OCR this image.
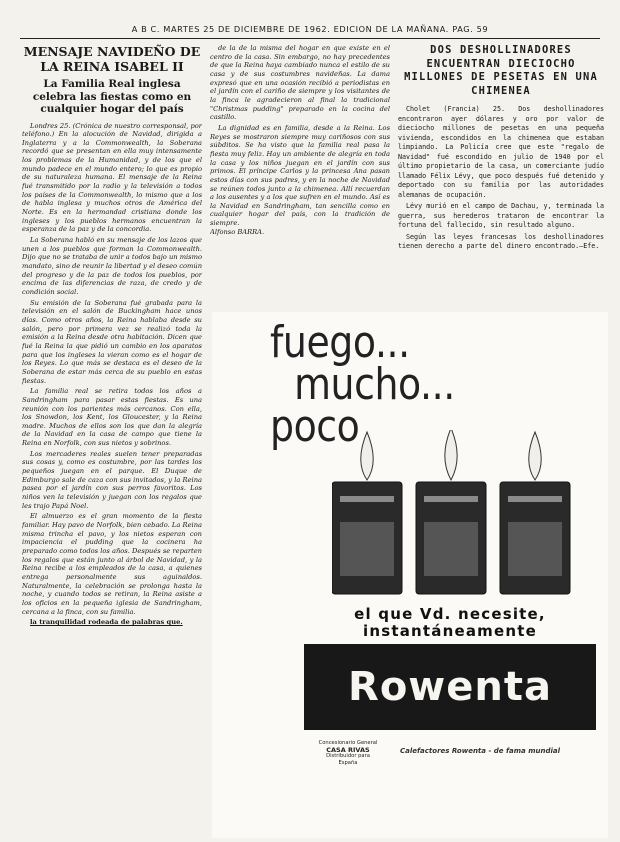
A B C. MARTES 25 DE DICIEMBRE DE 1962. EDICION DE LA MAÑANA. PAG. 59
MENSAJE NAVIDEÑO DE LA REINA ISABEL II
La Familia Real inglesa celebra las fiestas como en cualquier hogar del país

Londres 25. (Crónica de nuestro corresponsal, por teléfono.) En la alocución de Navidad, dirigida a Inglaterra y a la Commonwealth, la Soberana recordó que se presentan en ella muy intensamente los problemas de la Humanidad, y de los que el mundo padece en el mundo entero; lo que es propio de su naturaleza humana. El mensaje de la Reina fué transmitido por la radio y la televisión a todos los países de la Commonwealth, lo mismo que a los de habla inglesa y muchos otros de América del Norte. Es en la hermandad cristiana donde los ingleses y los pueblos hermanos encuentran la esperanza de la paz y de la concordia.

La Soberana habló en su mensaje de los lazos que unen a los pueblos que forman la Commonwealth. Dijo que no se trataba de unir a todos bajo un mismo mandato, sino de reunir la libertad y el deseo común del progreso y de la paz de todos los pueblos, por encima de las diferencias de raza, de credo y de condición social.

Su emisión de la Soberana fué grabada para la televisión en el salón de Buckingham hace unos días. Como otros años, la Reina hablaba desde su salón, pero por primera vez se realizó toda la emisión a la Reina desde otra habitación. Dicen que fué la Reina la que pidió un cambio en los aparatos para que los ingleses la vieran como es el hogar de los Reyes. Lo que más se destaca es el deseo de la Soberana de estar más cerca de su pueblo en estas fiestas.

La familia real se retira todos los años a Sandringham para pasar estas fiestas. Es una reunión con los parientes más cercanos. Con ella, los Snowdon, los Kent, los Gloucester, y la Reina madre. Muchos de ellos son los que dan la alegría de la Navidad en la casa de campo que tiene la Reina en Norfolk, con sus nietos y sobrinos.

Los mercaderes reales suelen tener preparadas sus cosas y, como es costumbre, por las tardes los pequeños juegan en el parque. El Duque de Edimburgo sale de caza con sus invitados, y la Reina pasea por el jardín con sus perros favoritos. Los niños ven la televisión y juegan con los regalos que les trajo Papá Noel.

El almuerzo es el gran momento de la fiesta familiar. Hay pavo de Norfolk, bien cebado. La Reina misma trincha el pavo, y los nietos esperan con impaciencia el pudding que la cocinera ha preparado como todos los años. Después se reparten los regalos que están junto al árbol de Navidad, y la Reina recibe a los empleados de la casa, a quienes entrega personalmente sus aguinaldos. Naturalmente, la celebración se prolonga hasta la noche, y cuando todos se retiran, la Reina asiste a los oficios en la pequeña iglesia de Sandringham, cercana a la finca, con su familia.

la tranquilidad rodeada de palabras que.

de la de la misma del hogar en que existe en el centro de la casa. Sin embargo, no hay precedentes de que la Reina haya cambiado nunca el estilo de su casa y de sus costumbres navideñas. La dama expresó que en una ocasión recibió a periodistas en el jardín con el cariño de siempre y los visitantes de la finca le agradecieron al final la tradicional "Christmas pudding" preparado en la cocina del castillo.

La dignidad es en familia, desde a la Reina. Los Reyes se mostraron siempre muy cariñosos con sus súbditos. Se ha visto que la familia real pasa la fiesta muy feliz. Hay un ambiente de alegría en toda la casa y los niños juegan en el jardín con sus primos. El príncipe Carlos y la princesa Ana pasan estos días con sus padres, y en la noche de Navidad se reúnen todos junto a la chimenea. Allí recuerdan a los ausentes y a los que sufren en el mundo. Así es la Navidad en Sandringham, tan sencilla como en cualquier hogar del país, con la tradición de siempre.
Alfonso BARRA.

DOS DESHOLLINADORES ENCUENTRAN DIECIOCHO MILLONES DE PESETAS EN UNA CHIMENEA

Cholet (Francia) 25. Dos deshollinadores encontraron ayer dólares y oro por valor de dieciocho millones de pesetas en una pequeña vivienda, escondidos en la chimenea que estaban limpiando. La Policía cree que este "regalo de Navidad" fué escondido en julio de 1940 por el último propietario de la casa, un comerciante judío llamado Félix Lévy, que poco después fué detenido y deportado con su familia por las autoridades alemanas de ocupación.

Lévy murió en el campo de Dachau, y, terminada la guerra, sus herederos trataron de encontrar la fortuna del fallecido, sin resultado alguno.

Según las leyes francesas los deshollinadores tienen derecho a parte del dinero encontrado.—Efe.

fuego...
mucho...
poco
el que Vd. necesite,
instantáneamente
Rowenta
Concesionario General
CASA RIVAS
Distribuidor para
España
Calefactores Rowenta - de fama mundial
